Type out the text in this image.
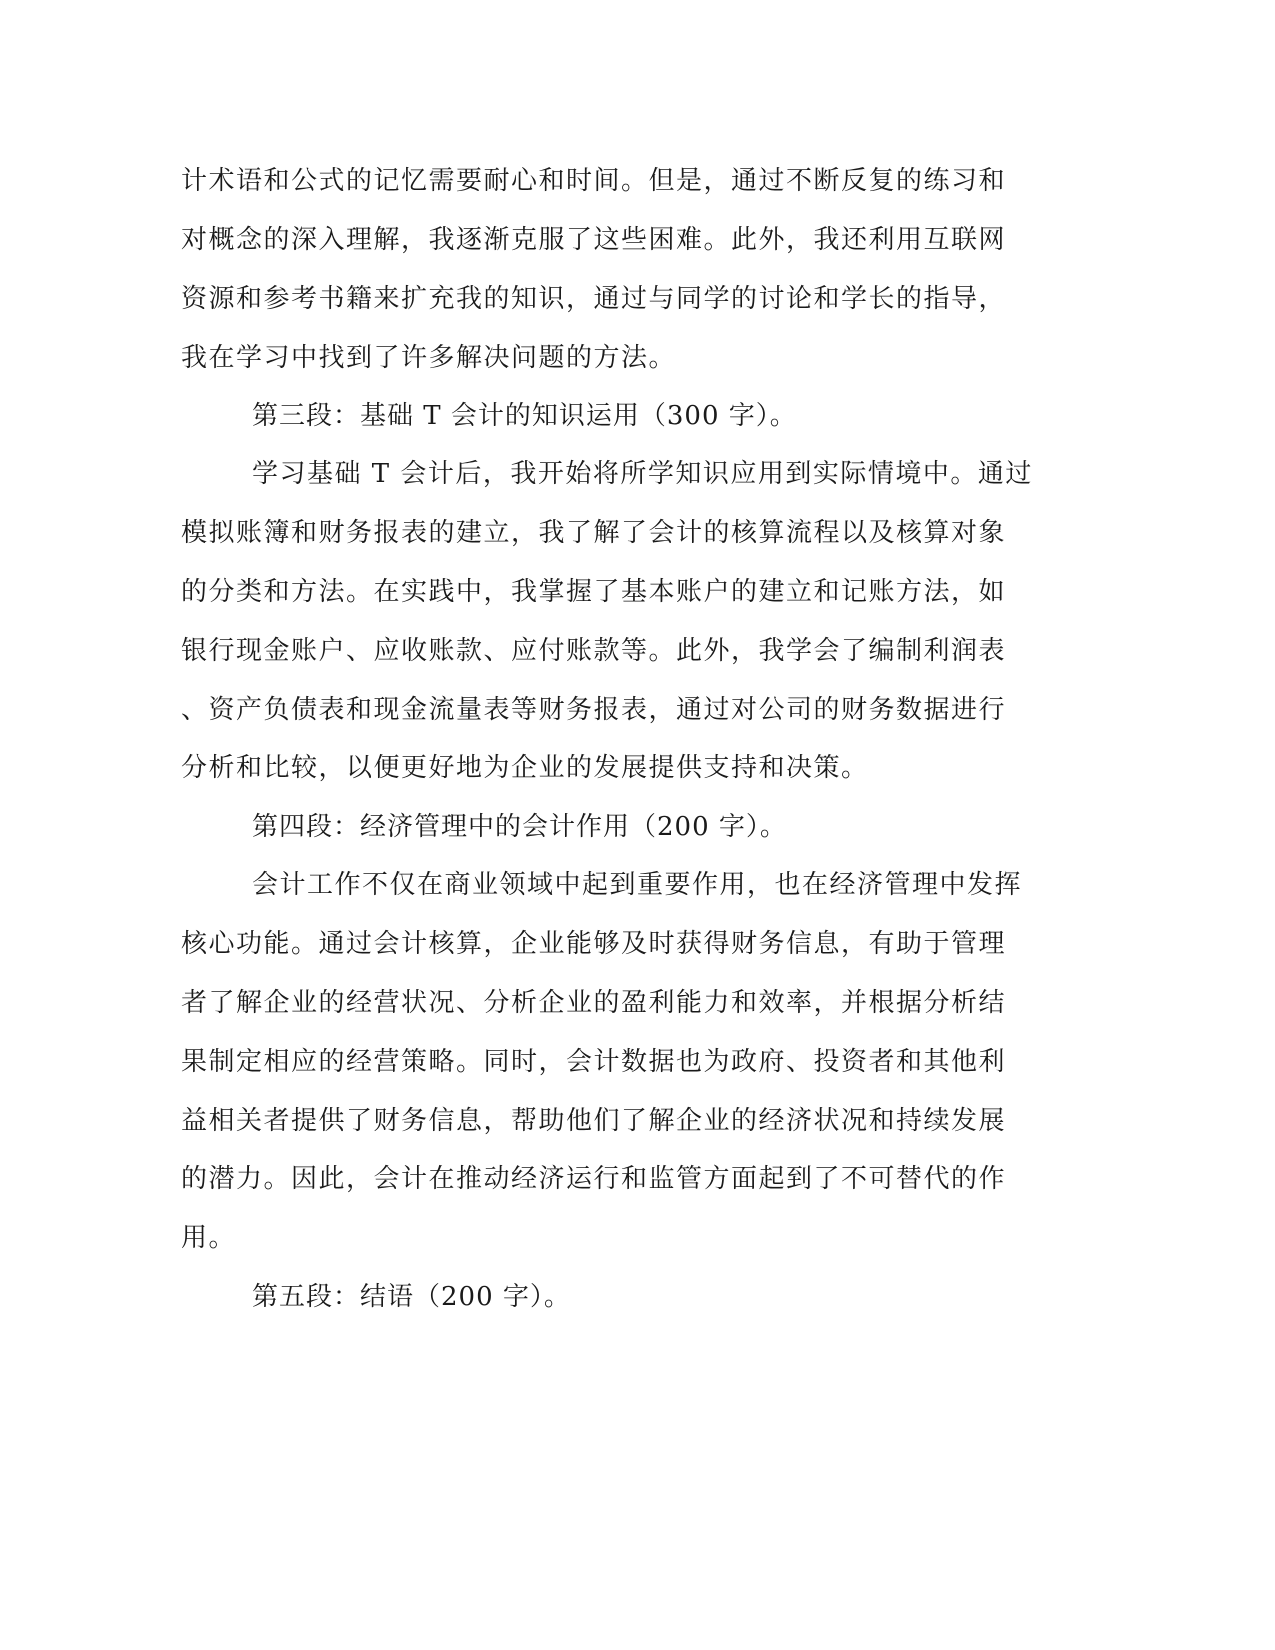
计术语和公式的记忆需要耐心和时间。但是，通过不断反复的练习和

对概念的深入理解，我逐渐克服了这些困难。此外，我还利用互联网

资源和参考书籍来扩充我的知识，通过与同学的讨论和学长的指导，

我在学习中找到了许多解决问题的方法。

第三段：基础 T 会计的知识运用（300 字）。

学习基础 T 会计后，我开始将所学知识应用到实际情境中。通过

模拟账簿和财务报表的建立，我了解了会计的核算流程以及核算对象

的分类和方法。在实践中，我掌握了基本账户的建立和记账方法，如

银行现金账户、应收账款、应付账款等。此外，我学会了编制利润表

、资产负债表和现金流量表等财务报表，通过对公司的财务数据进行

分析和比较，以便更好地为企业的发展提供支持和决策。

第四段：经济管理中的会计作用（200 字）。

会计工作不仅在商业领域中起到重要作用，也在经济管理中发挥

核心功能。通过会计核算，企业能够及时获得财务信息，有助于管理

者了解企业的经营状况、分析企业的盈利能力和效率，并根据分析结

果制定相应的经营策略。同时，会计数据也为政府、投资者和其他利

益相关者提供了财务信息，帮助他们了解企业的经济状况和持续发展

的潜力。因此，会计在推动经济运行和监管方面起到了不可替代的作

用。

第五段：结语（200 字）。
